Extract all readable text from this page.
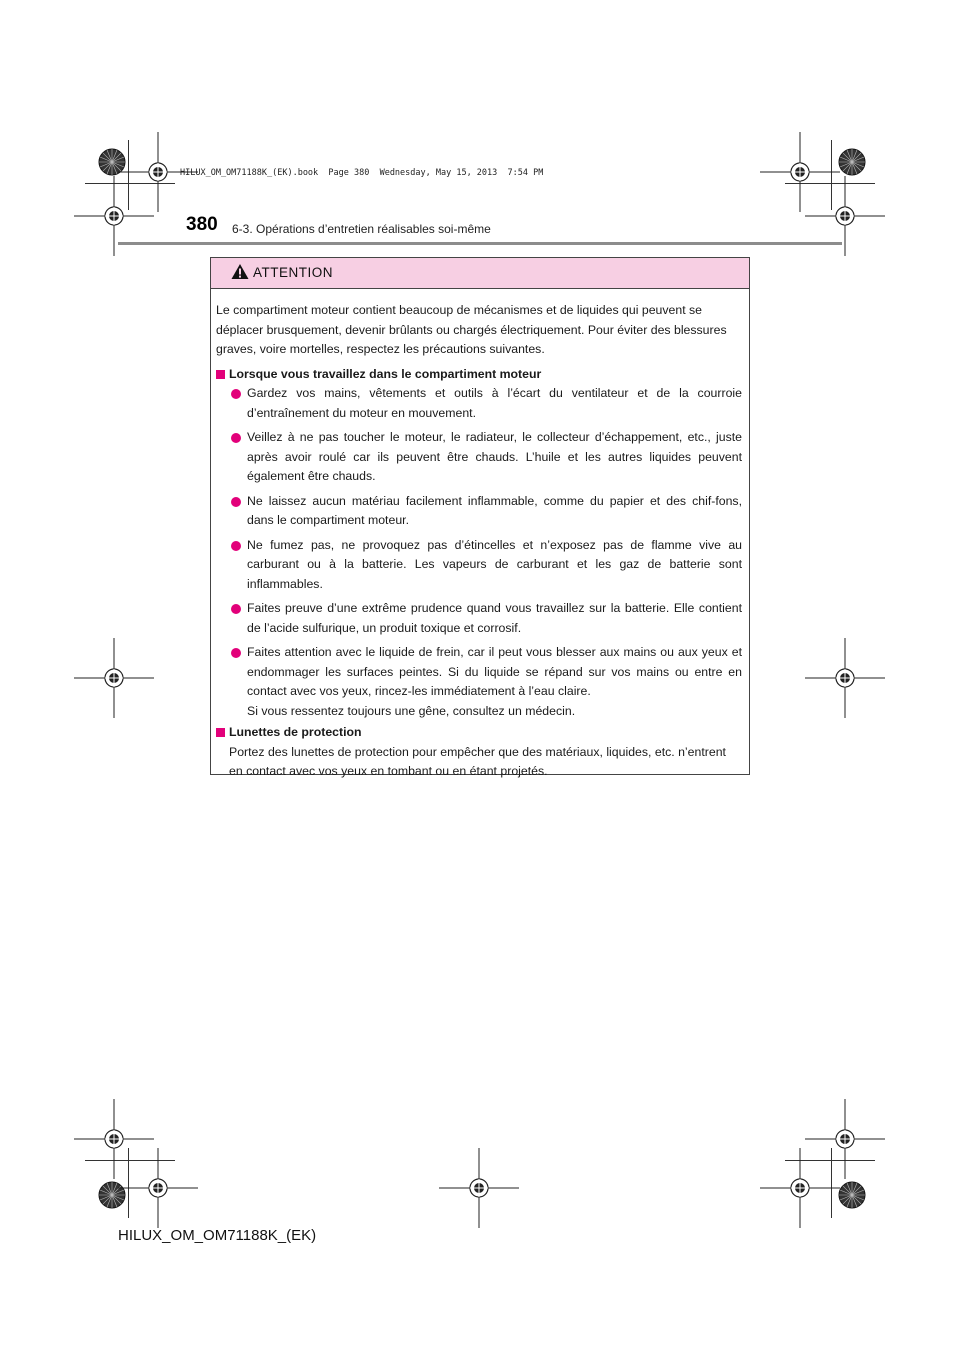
HILUX_OM_OM71188K_(EK).book  Page 380  Wednesday, May 15, 2013  7:54 PM
380 6-3. Opérations d’entretien réalisables soi-même
ATTENTION

Le compartiment moteur contient beaucoup de mécanismes et de liquides qui peuvent se déplacer brusquement, devenir brûlants ou chargés électriquement. Pour éviter des blessures graves, voire mortelles, respectez les précautions suivantes.

Lorsque vous travaillez dans le compartiment moteur

Gardez vos mains, vêtements et outils à l’écart du ventilateur et de la courroie d’entraînement du moteur en mouvement.
Veillez à ne pas toucher le moteur, le radiateur, le collecteur d’échappement, etc., juste après avoir roulé car ils peuvent être chauds. L’huile et les autres liquides peuvent également être chauds.
Ne laissez aucun matériau facilement inflammable, comme du papier et des chif-fons, dans le compartiment moteur.
Ne fumez pas, ne provoquez pas d’étincelles et n’exposez pas de flamme vive au carburant ou à la batterie. Les vapeurs de carburant et les gaz de batterie sont inflammables.
Faites preuve d’une extrême prudence quand vous travaillez sur la batterie. Elle contient de l’acide sulfurique, un produit toxique et corrosif.
Faites attention avec le liquide de frein, car il peut vous blesser aux mains ou aux yeux et endommager les surfaces peintes. Si du liquide se répand sur vos mains ou entre en contact avec vos yeux, rincez-les immédiatement à l’eau claire.
Si vous ressentez toujours une gêne, consultez un médecin.

Lunettes de protection

Portez des lunettes de protection pour empêcher que des matériaux, liquides, etc. n’entrent en contact avec vos yeux en tombant ou en étant projetés.

HILUX_OM_OM71188K_(EK)
